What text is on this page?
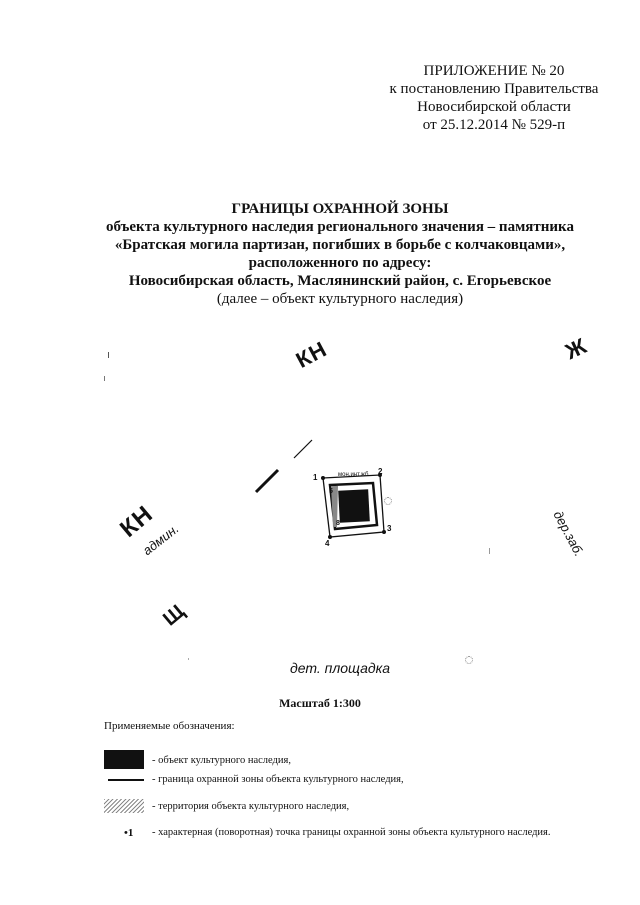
ПРИЛОЖЕНИЕ № 20
к постановлению Правительства
Новосибирской области
от 25.12.2014 № 529-п
ГРАНИЦЫ ОХРАННОЙ ЗОНЫ
объекта культурного наследия регионального значения – памятника
«Братская могила партизан, погибших в борьбе с колчаковцами»,
расположенного по адресу:
Новосибирская область, Маслянинский район, с. Егорьевское
(далее – объект культурного наследия)
КН	Ж
мон.инт.жб
1
2
3
4
5
8
КН
админ.	дер.заб.
Щ
дет. площадка
Масштаб 1:300
Применяемые обозначения:
- объект культурного наследия,
- граница охранной зоны объекта культурного наследия,
- территория объекта культурного наследия,
•1 - характерная (поворотная) точка границы охранной зоны объекта культурного наследия.
